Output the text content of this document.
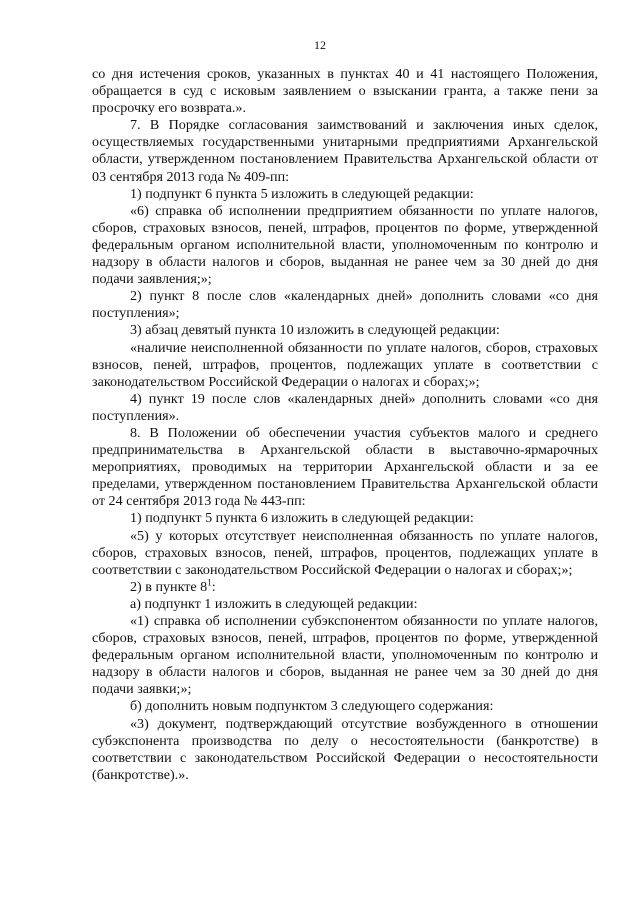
12

со дня истечения сроков, указанных в пунктах 40 и 41 настоящего Положения, обращается в суд с исковым заявлением о взыскании гранта, а также пени за просрочку его возврата.».

7. В Порядке согласования заимствований и заключения иных сделок, осуществляемых государственными унитарными предприятиями Архангельской области, утвержденном постановлением Правительства Архангельской области от 03 сентября 2013 года № 409-пп:

1) подпункт 6 пункта 5 изложить в следующей редакции:

«6) справка об исполнении предприятием обязанности по уплате налогов, сборов, страховых взносов, пеней, штрафов, процентов по форме, утвержденной федеральным органом исполнительной власти, уполномоченным по контролю и надзору в области налогов и сборов, выданная не ранее чем за 30 дней до дня подачи заявления;»;

2) пункт 8 после слов «календарных дней» дополнить словами «со дня поступления»;

3) абзац девятый пункта 10 изложить в следующей редакции:

«наличие неисполненной обязанности по уплате налогов, сборов, страховых взносов, пеней, штрафов, процентов, подлежащих уплате в соответствии с законодательством Российской Федерации о налогах и сборах;»;

4) пункт 19 после слов «календарных дней» дополнить словами «со дня поступления».

8. В Положении об обеспечении участия субъектов малого и среднего предпринимательства в Архангельской области в выставочно-ярмарочных мероприятиях, проводимых на территории Архангельской области и за ее пределами, утвержденном постановлением Правительства Архангельской области от 24 сентября 2013 года № 443-пп:

1) подпункт 5 пункта 6 изложить в следующей редакции:

«5) у которых отсутствует неисполненная обязанность по уплате налогов, сборов, страховых взносов, пеней, штрафов, процентов, подлежащих уплате в соответствии с законодательством Российской Федерации о налогах и сборах;»;

2) в пункте $8^1$:

а) подпункт 1 изложить в следующей редакции:

«1) справка об исполнении субэкспонентом обязанности по уплате налогов, сборов, страховых взносов, пеней, штрафов, процентов по форме, утвержденной федеральным органом исполнительной власти, уполномоченным по контролю и надзору в области налогов и сборов, выданная не ранее чем за 30 дней до дня подачи заявки;»;

б) дополнить новым подпунктом 3 следующего содержания:

«3) документ, подтверждающий отсутствие возбужденного в отношении субэкспонента производства по делу о несостоятельности (банкротстве) в соответствии с законодательством Российской Федерации о несостоятельности (банкротстве).».
